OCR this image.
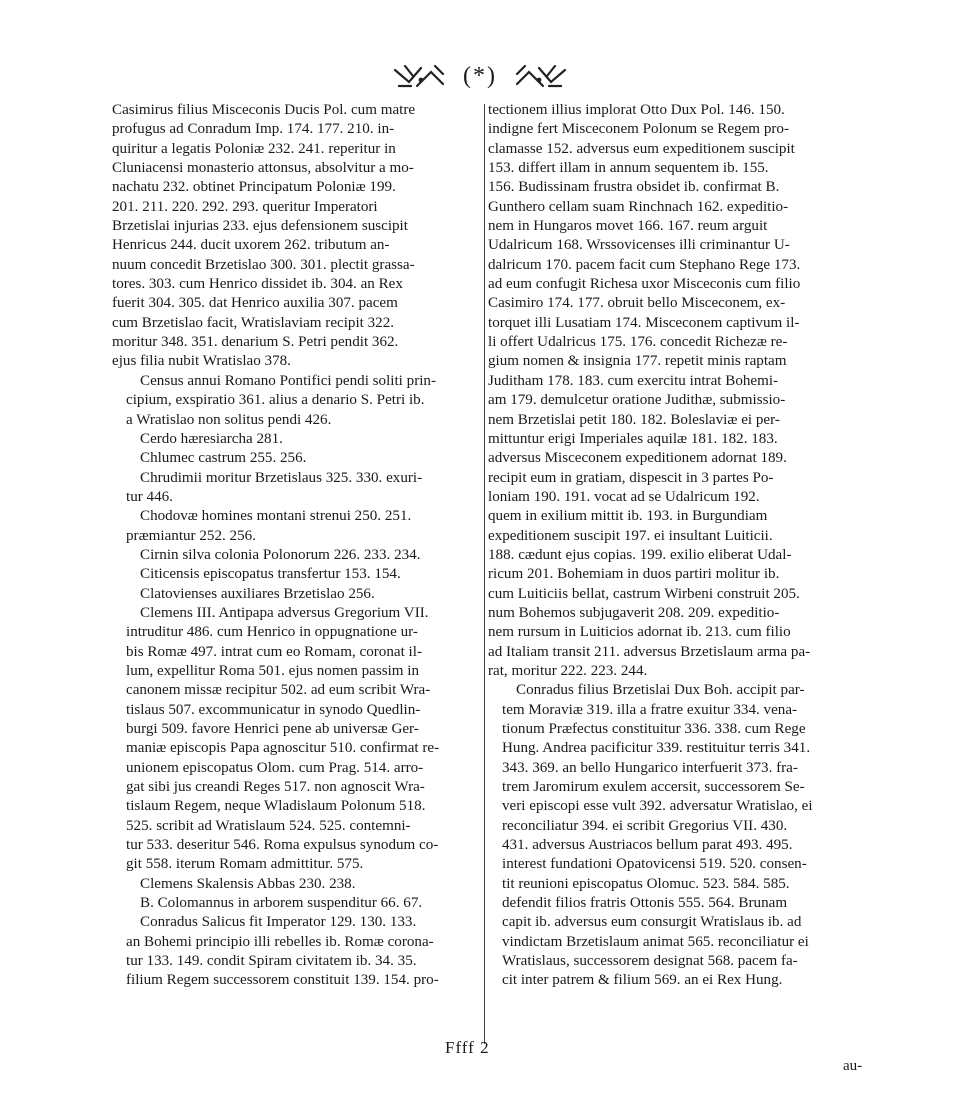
(*)
Casimirus filius Misceconis Ducis Pol. cum matre
profugus ad Conradum Imp. 174. 177. 210. in-
quiritur a legatis Poloniæ 232. 241. reperitur in
Cluniacensi monasterio attonsus, absolvitur a mo-
nachatu 232. obtinet Principatum Poloniæ 199.
201. 211. 220. 292. 293. queritur Imperatori
Brzetislai injurias 233. ejus defensionem suscipit
Henricus 244. ducit uxorem 262. tributum an-
nuum concedit Brzetislao 300. 301. plectit grassa-
tores. 303. cum Henrico dissidet ib. 304. an Rex
fuerit 304. 305. dat Henrico auxilia 307. pacem
cum Brzetislao facit, Wratislaviam recipit 322.
moritur 348. 351. denarium S. Petri pendit 362.
ejus filia nubit Wratislao 378.
Census annui Romano Pontifici pendi soliti prin-
cipium, exspiratio 361. alius a denario S. Petri ib.
a Wratislao non solitus pendi 426.
Cerdo hæresiarcha 281.
Chlumec castrum 255. 256.
Chrudimii moritur Brzetislaus 325. 330. exuri-
tur 446.
Chodovæ homines montani strenui 250. 251.
præmiantur 252. 256.
Cirnin silva colonia Polonorum 226. 233. 234.
Citicensis episcopatus transfertur 153. 154.
Clatovienses auxiliares Brzetislao 256.
Clemens III. Antipapa adversus Gregorium VII.
intruditur 486. cum Henrico in oppugnatione ur-
bis Romæ 497. intrat cum eo Romam, coronat il-
lum, expellitur Roma 501. ejus nomen passim in
canonem missæ recipitur 502. ad eum scribit Wra-
tislaus 507. excommunicatur in synodo Quedlin-
burgi 509. favore Henrici pene ab universæ Ger-
maniæ episcopis Papa agnoscitur 510. confirmat re-
unionem episcopatus Olom. cum Prag. 514. arro-
gat sibi jus creandi Reges 517. non agnoscit Wra-
tislaum Regem, neque Wladislaum Polonum 518.
525. scribit ad Wratislaum 524. 525. contemni-
tur 533. deseritur 546. Roma expulsus synodum co-
git 558. iterum Romam admittitur. 575.
Clemens Skalensis Abbas 230. 238.
B. Colomannus in arborem suspenditur 66. 67.
Conradus Salicus fit Imperator 129. 130. 133.
an Bohemi principio illi rebelles ib. Romæ corona-
tur 133. 149. condit Spiram civitatem ib. 34. 35.
filium Regem successorem constituit 139. 154. pro-
tectionem illius implorat Otto Dux Pol. 146. 150.
indigne fert Misceconem Polonum se Regem pro-
clamasse 152. adversus eum expeditionem suscipit
153. differt illam in annum sequentem ib. 155.
156. Budissinam frustra obsidet ib. confirmat B.
Gunthero cellam suam Rinchnach 162. expeditio-
nem in Hungaros movet 166. 167. reum arguit
Udalricum 168. Wrssovicenses illi criminantur U-
dalricum 170. pacem facit cum Stephano Rege 173.
ad eum confugit Richesa uxor Misceconis cum filio
Casimiro 174. 177. obruit bello Misceconem, ex-
torquet illi Lusatiam 174. Misceconem captivum il-
li offert Udalricus 175. 176. concedit Richezæ re-
gium nomen & insignia 177. repetit minis raptam
Juditham 178. 183. cum exercitu intrat Bohemi-
am 179. demulcetur oratione Judithæ, submissio-
nem Brzetislai petit 180. 182. Boleslaviæ ei per-
mittuntur erigi Imperiales aquilæ 181. 182. 183.
adversus Misceconem expeditionem adornat 189.
recipit eum in gratiam, dispescit in 3 partes Po-
loniam 190. 191. vocat ad se Udalricum 192.
quem in exilium mittit ib. 193. in Burgundiam
expeditionem suscipit 197. ei insultant Luiticii.
188. cædunt ejus copias. 199. exilio eliberat Udal-
ricum 201. Bohemiam in duos partiri molitur ib.
cum Luiticiis bellat, castrum Wirbeni construit 205.
num Bohemos subjugaverit 208. 209. expeditio-
nem rursum in Luiticios adornat ib. 213. cum filio
ad Italiam transit 211. adversus Brzetislaum arma pa-
rat, moritur 222. 223. 244.
Conradus filius Brzetislai Dux Boh. accipit par-
tem Moraviæ 319. illa a fratre exuitur 334. vena-
tionum Præfectus constituitur 336. 338. cum Rege
Hung. Andrea pacificitur 339. restituitur terris 341.
343. 369. an bello Hungarico interfuerit 373. fra-
trem Jaromirum exulem accersit, successorem Se-
veri episcopi esse vult 392. adversatur Wratislao, ei
reconciliatur 394. ei scribit Gregorius VII. 430.
431. adversus Austriacos bellum parat 493. 495.
interest fundationi Opatovicensi 519. 520. consen-
tit reunioni episcopatus Olomuc. 523. 584. 585.
defendit filios fratris Ottonis 555. 564. Brunam
capit ib. adversus eum consurgit Wratislaus ib. ad
vindictam Brzetislaum animat 565. reconciliatur ei
Wratislaus, successorem designat 568. pacem fa-
cit inter patrem & filium 569. an ei Rex Hung.
Ffff 2
au-
